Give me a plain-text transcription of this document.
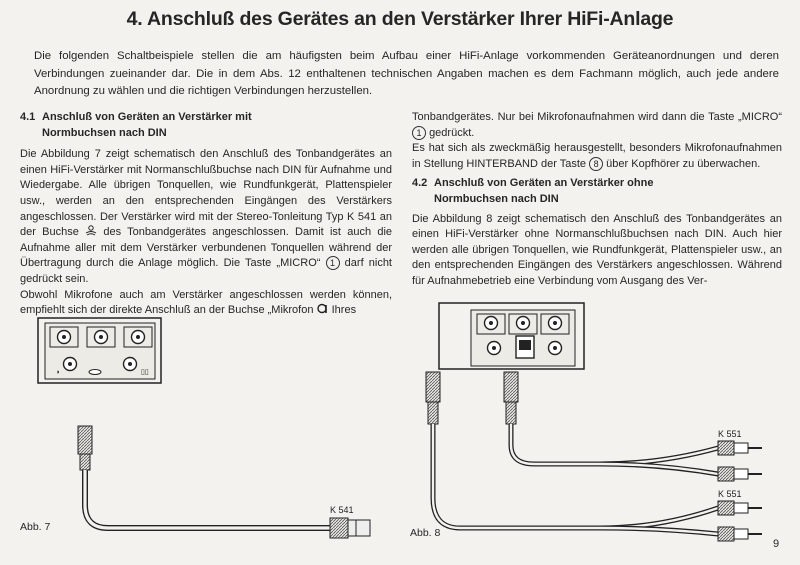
4. Anschluß des Gerätes an den Verstärker Ihrer HiFi-Anlage

Die folgenden Schaltbeispiele stellen die am häufigsten beim Aufbau einer HiFi-Anlage vorkommenden Geräteanordnungen und deren Verbindungen zueinander dar. Die in dem Abs. 12 enthaltenen technischen Angaben machen es dem Fachmann möglich, auch jede andere Anordnung zu wählen und die richtigen Verbindungen herzustellen.

4.1 Anschluß von Geräten an Verstärker mit
Normbuchsen nach DIN

Die Abbildung 7 zeigt schematisch den Anschluß des Tonbandgerätes an einen HiFi-Verstärker mit Normanschlußbuchse nach DIN für Aufnahme und Wiedergabe. Alle übrigen Tonquellen, wie Rundfunkgerät, Plattenspieler usw., werden an den entsprechenden Eingängen des Verstärkers angeschlossen. Der Verstärker wird mit der Stereo-Tonleitung Typ K 541 an der Buchse des Tonbandgerätes angeschlossen. Damit ist auch die Aufnahme aller mit dem Verstärker verbundenen Tonquellen während der Übertragung durch die Anlage möglich. Die Taste „MICRO“ 1 darf nicht gedrückt sein.

Obwohl Mikrofone auch am Verstärker angeschlossen werden können, empfiehlt sich der direkte Anschluß an der Buchse „Mikrofon Ihres

Tonbandgerätes. Nur bei Mikrofonaufnahmen wird dann die Taste „MICRO“ 1 gedrückt.

Es hat sich als zweckmäßig herausgestellt, besonders Mikrofonaufnahmen in Stellung HINTERBAND der Taste 8 über Kopfhörer zu überwachen.

4.2 Anschluß von Geräten an Verstärker ohne
Normbuchsen nach DIN

Die Abbildung 8 zeigt schematisch den Anschluß des Tonbandgerätes an einen HiFi-Verstärker ohne Normanschlußbuchsen nach DIN. Auch hier werden alle übrigen Tonquellen, wie Rundfunkgerät, Plattenspieler usw., an den entsprechenden Eingängen des Verstärkers angeschlossen. Während für Aufnahmebetrieb eine Verbindung vom Ausgang des Ver-

◗	▯▯
K 541
K 551
K 551
Abb. 7	Abb. 8
9
